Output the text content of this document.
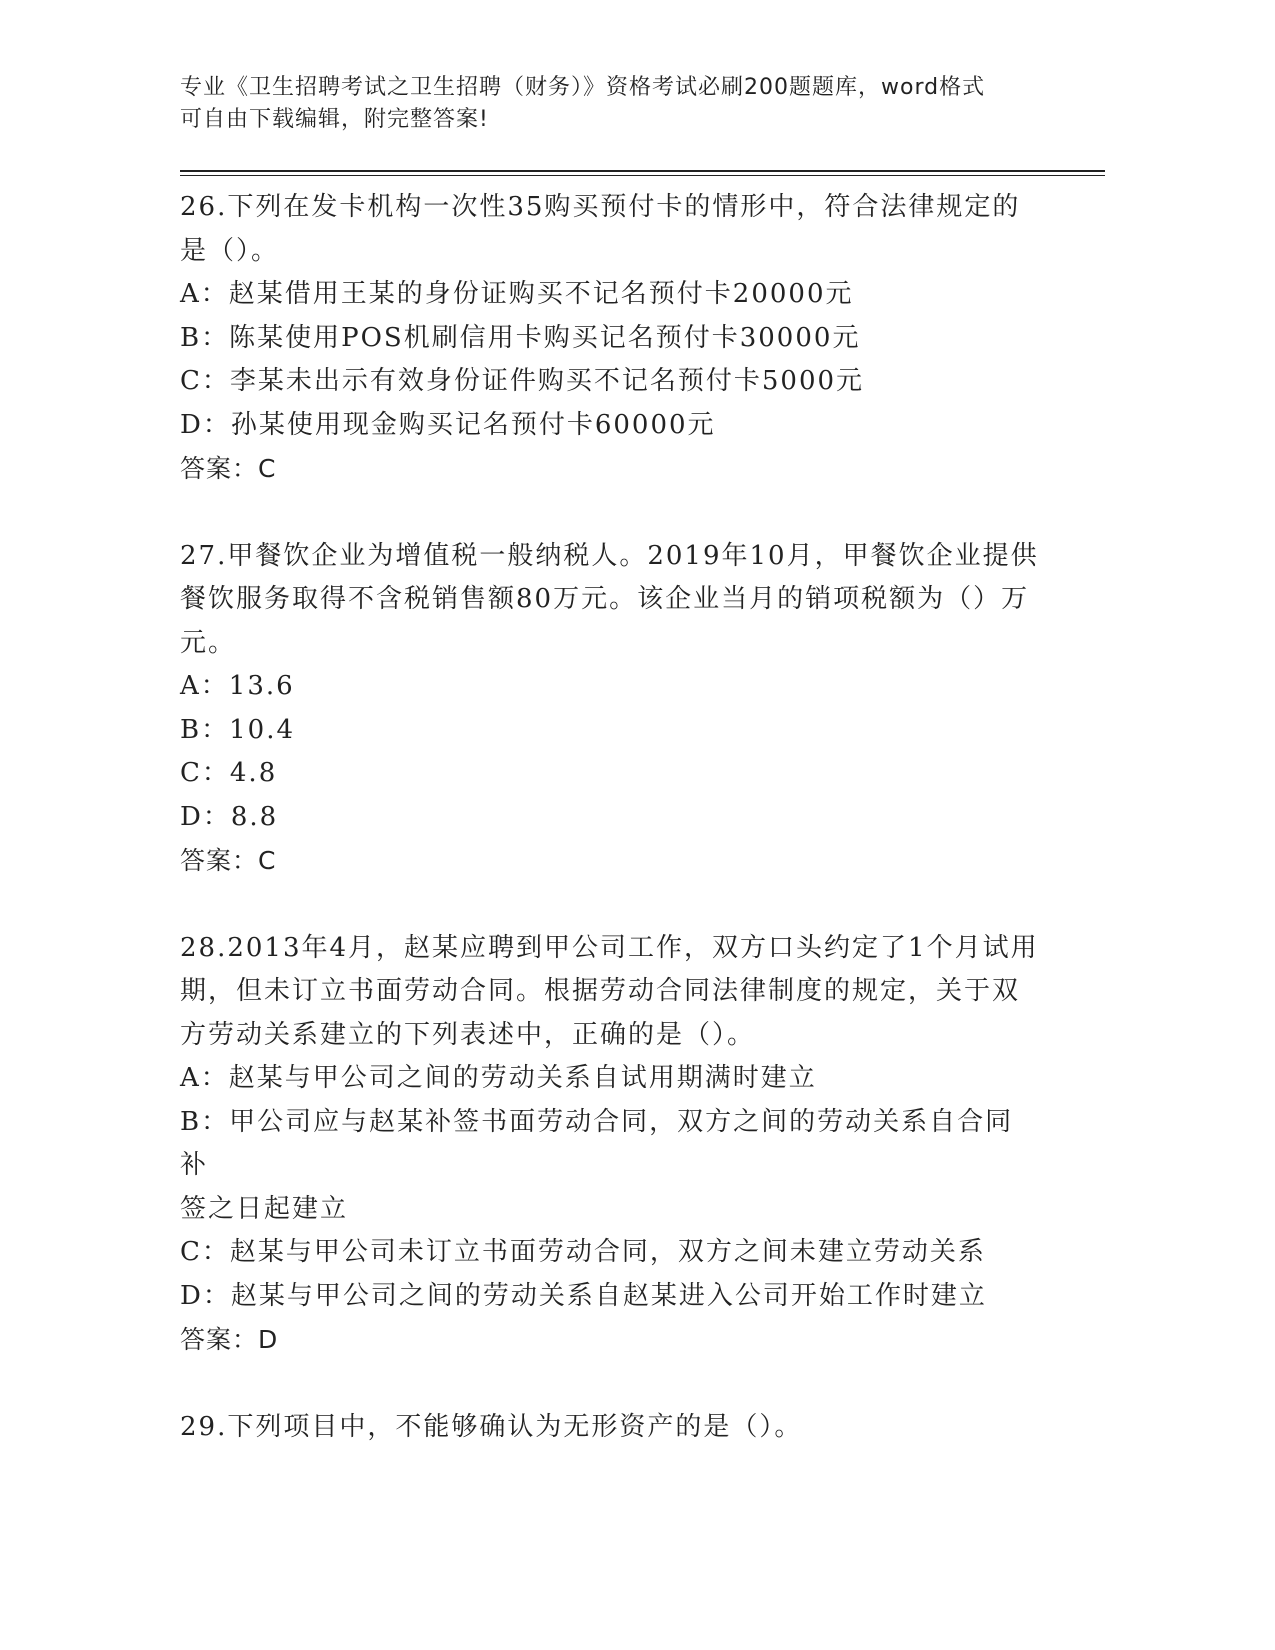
专业《卫生招聘考试之卫生招聘（财务）》资格考试必刷200题题库，word格式
可自由下载编辑，附完整答案!

26.下列在发卡机构一次性35购买预付卡的情形中，符合法律规定的

是（）。

A：赵某借用王某的身份证购买不记名预付卡20000元

B：陈某使用POS机刷信用卡购买记名预付卡30000元

C：李某未出示有效身份证件购买不记名预付卡5000元

D：孙某使用现金购买记名预付卡60000元

答案：C

27.甲餐饮企业为增值税一般纳税人。2019年10月，甲餐饮企业提供

餐饮服务取得不含税销售额80万元。该企业当月的销项税额为（）万

元。

A：13.6

B：10.4

C：4.8

D：8.8

答案：C

28.2013年4月，赵某应聘到甲公司工作，双方口头约定了1个月试用

期，但未订立书面劳动合同。根据劳动合同法律制度的规定，关于双

方劳动关系建立的下列表述中，正确的是（）。

A：赵某与甲公司之间的劳动关系自试用期满时建立

B：甲公司应与赵某补签书面劳动合同，双方之间的劳动关系自合同补

签之日起建立

C：赵某与甲公司未订立书面劳动合同，双方之间未建立劳动关系

D：赵某与甲公司之间的劳动关系自赵某进入公司开始工作时建立

答案：D

29.下列项目中，不能够确认为无形资产的是（）。
